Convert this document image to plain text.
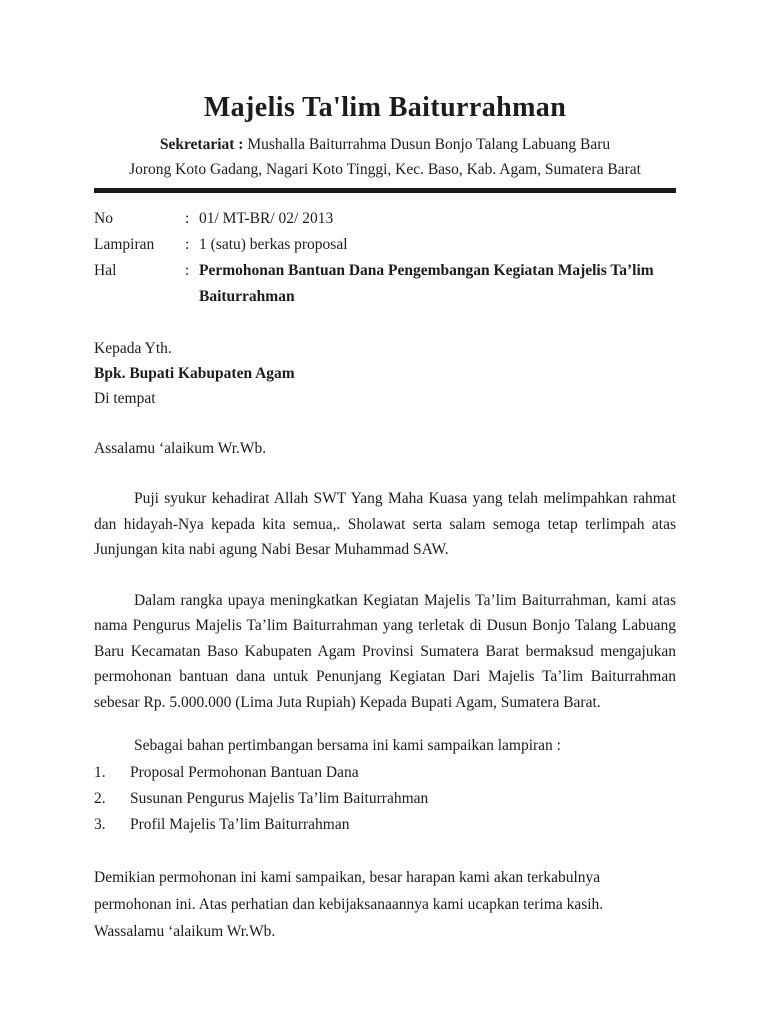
Majelis Ta'lim Baiturrahman

Sekretariat : Mushalla Baiturrahma Dusun Bonjo Talang Labuang Baru

Jorong Koto Gadang, Nagari Koto Tinggi, Kec. Baso, Kab. Agam, Sumatera Barat

No	: 01/ MT-BR/ 02/ 2013
Lampiran	: 1 (satu) berkas proposal
Hal	: Permohonan Bantuan Dana Pengembangan Kegiatan Majelis Ta’lim Baiturrahman

Kepada Yth.

Bpk. Bupati Kabupaten Agam

Di tempat

Assalamu ‘alaikum Wr.Wb.

Puji syukur kehadirat Allah SWT Yang Maha Kuasa yang telah melimpahkan rahmat dan hidayah-Nya kepada kita semua,. Sholawat serta salam semoga tetap terlimpah atas Junjungan kita nabi agung Nabi Besar Muhammad SAW.

Dalam rangka upaya meningkatkan Kegiatan Majelis Ta’lim Baiturrahman, kami atas nama Pengurus Majelis Ta’lim Baiturrahman yang terletak di Dusun Bonjo Talang Labuang Baru Kecamatan Baso Kabupaten Agam Provinsi Sumatera Barat bermaksud mengajukan permohonan bantuan dana untuk Penunjang Kegiatan Dari Majelis Ta’lim Baiturrahman sebesar Rp. 5.000.000 (Lima Juta Rupiah) Kepada Bupati Agam, Sumatera Barat.

Sebagai bahan pertimbangan bersama ini kami sampaikan lampiran :

1.	Proposal Permohonan Bantuan Dana
2.	Susunan Pengurus Majelis Ta’lim Baiturrahman
3.	Profil Majelis Ta’lim Baiturrahman

Demikian permohonan ini kami sampaikan, besar harapan kami akan terkabulnya permohonan ini. Atas perhatian dan kebijaksanaannya kami ucapkan terima kasih.

Wassalamu ‘alaikum Wr.Wb.
